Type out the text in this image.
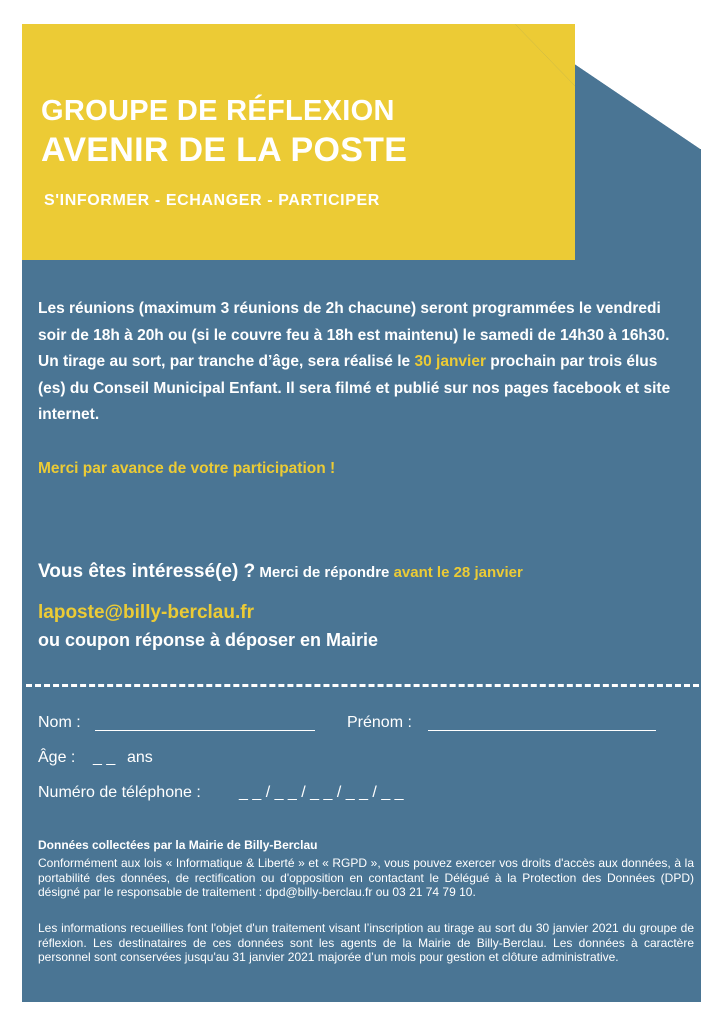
GROUPE DE RÉFLEXION
AVENIR DE LA POSTE
S'INFORMER - ECHANGER - PARTICIPER
Les réunions (maximum 3 réunions de 2h chacune) seront programmées le vendredi soir de 18h à 20h ou (si le couvre feu à 18h est maintenu) le samedi de 14h30 à 16h30.
Un tirage au sort, par tranche d’âge, sera réalisé le 30 janvier prochain par trois élus (es) du Conseil Municipal Enfant. Il sera filmé et publié sur nos pages facebook et site internet.
Merci par avance de votre participation !
Vous êtes intéressé(e) ? Merci de répondre avant le 28 janvier
laposte@billy-berclau.fr
ou coupon réponse à déposer en Mairie
Nom :	Prénom :
Âge : _ _ ans
Numéro de téléphone : _ _ / _ _ / _ _ / _ _ / _ _
Données collectées par la Mairie de Billy-Berclau
Conformément aux lois « Informatique & Liberté » et « RGPD », vous pouvez exercer vos droits d'accès aux données, à la portabilité des données, de rectification ou d'opposition en contactant le Délégué à la Protection des Données (DPD) désigné par le responsable de traitement : dpd@billy-berclau.fr ou 03 21 74 79 10.
Les informations recueillies font l'objet d'un traitement visant l’inscription au tirage au sort du 30 janvier 2021 du groupe de réflexion. Les destinataires de ces données sont les agents de la Mairie de Billy-Berclau. Les données à caractère personnel sont conservées jusqu'au 31 janvier 2021 majorée d’un mois pour gestion et clôture administrative.
